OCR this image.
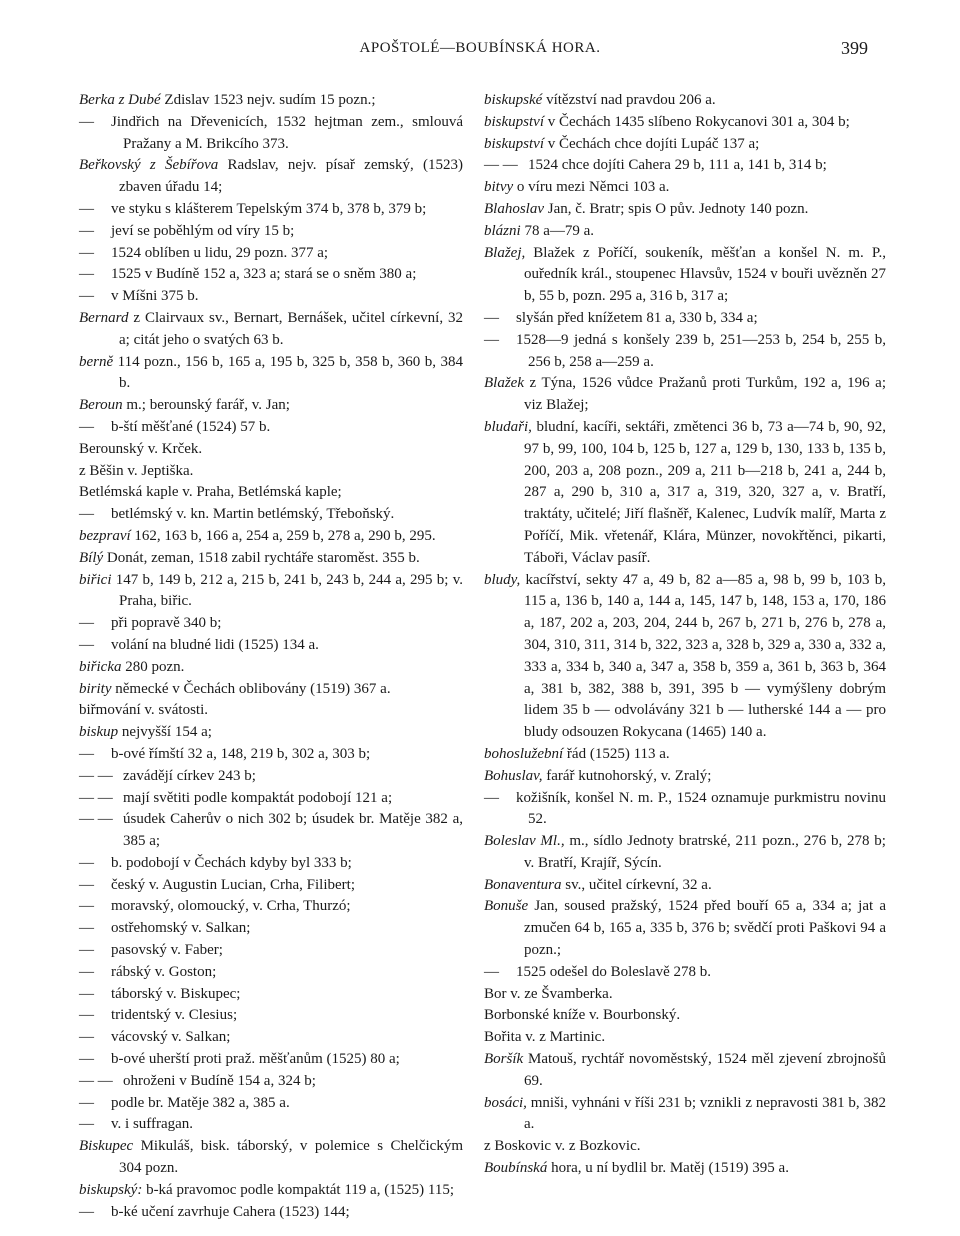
APOŠTOLÉ—BOUBÍNSKÁ HORA.	399
Berka z Dubé Zdislav 1523 nejv. sudím 15 pozn.;
— Jindřich na Dřevenicích, 1532 hejtman zem., smlouvá Pražany a M. Brikcího 373.
Beřkovský z Šebířova Radslav, nejv. písař zemský, (1523) zbaven úřadu 14;
— ve styku s klášterem Tepelským 374 b, 378 b, 379 b;
— jeví se poběhlým od víry 15 b;
— 1524 oblíben u lidu, 29 pozn. 377 a;
— 1525 v Budíně 152 a, 323 a; stará se o sněm 380 a;
— v Míšni 375 b.
Bernard z Clairvaux sv., Bernart, Bernášek, učitel církevní, 32 a; citát jeho o svatých 63 b.
berně 114 pozn., 156 b, 165 a, 195 b, 325 b, 358 b, 360 b, 384 b.
Beroun m.; berounský farář, v. Jan;
— b-ští měšťané (1524) 57 b.
Berounský v. Krček.
z Běšin v. Jeptiška.
Betlémská kaple v. Praha, Betlémská kaple;
— betlémský v. kn. Martin betlémský, Třeboňský.
bezpraví 162, 163 b, 166 a, 254 a, 259 b, 278 a, 290 b, 295.
Bílý Donát, zeman, 1518 zabil rychtáře staroměst. 355 b.
biřici 147 b, 149 b, 212 a, 215 b, 241 b, 243 b, 244 a, 295 b; v. Praha, biřic.
— při popravě 340 b;
— volání na bludné lidi (1525) 134 a.
biřicka 280 pozn.
birity německé v Čechách oblibovány (1519) 367 a.
biřmování v. svátosti.
biskup nejvyšší 154 a;
— b-ové římští 32 a, 148, 219 b, 302 a, 303 b;
— — zavádějí církev 243 b;
— — mají světiti podle kompaktát podobojí 121 a;
— — úsudek Caherův o nich 302 b; úsudek br. Matěje 382 a, 385 a;
— b. podobojí v Čechách kdyby byl 333 b;
— český v. Augustin Lucian, Crha, Filibert;
— moravský, olomoucký, v. Crha, Thurzó;
— ostřehomský v. Salkan;
— pasovský v. Faber;
— rábský v. Goston;
— táborský v. Biskupec;
— tridentský v. Clesius;
— vácovský v. Salkan;
— b-ové uherští proti praž. měšťanům (1525) 80 a;
— — ohroženi v Budíně 154 a, 324 b;
— podle br. Matěje 382 a, 385 a.
— v. i suffragan.
Biskupec Mikuláš, bisk. táborský, v polemice s Chelčickým 304 pozn.
biskupský: b-ká pravomoc podle kompaktát 119 a, (1525) 115;
— b-ké učení zavrhuje Cahera (1523) 144;
biskupské vítězství nad pravdou 206 a.
biskupství v Čechách 1435 slíbeno Rokycanovi 301 a, 304 b;
biskupství v Čechách chce dojíti Lupáč 137 a;
— — 1524 chce dojíti Cahera 29 b, 111 a, 141 b, 314 b;
bitvy o víru mezi Němci 103 a.
Blahoslav Jan, č. Bratr; spis O pův. Jednoty 140 pozn.
blázni 78 a—79 a.
Blažej, Blažek z Poříčí, soukeník, měšťan a konšel N. m. P., ouředník král., stoupenec Hlavsův, 1524 v bouři uvězněn 27 b, 55 b, pozn. 295 a, 316 b, 317 a;
— slyšán před knížetem 81 a, 330 b, 334 a;
— 1528—9 jedná s konšely 239 b, 251—253 b, 254 b, 255 b, 256 b, 258 a—259 a.
Blažek z Týna, 1526 vůdce Pražanů proti Turkům, 192 a, 196 a; viz Blažej;
bludaři, bludní, kacíři, sektáři, změtenci 36 b, 73 a—74 b, 90, 92, 97 b, 99, 100, 104 b, 125 b, 127 a, 129 b, 130, 133 b, 135 b, 200, 203 a, 208 pozn., 209 a, 211 b—218 b, 241 a, 244 b, 287 a, 290 b, 310 a, 317 a, 319, 320, 327 a, v. Bratří, traktáty, učitelé; Jiří flašněř, Kalenec, Ludvík malíř, Marta z Poříčí, Mik. vřetenář, Klára, Münzer, novokřtěnci, pikarti, Táboři, Václav pasíř.
bludy, kacířství, sekty 47 a, 49 b, 82 a—85 a, 98 b, 99 b, 103 b, 115 a, 136 b, 140 a, 144 a, 145, 147 b, 148, 153 a, 170, 186 a, 187, 202 a, 203, 204, 244 b, 267 b, 271 b, 276 b, 278 a, 304, 310, 311, 314 b, 322, 323 a, 328 b, 329 a, 330 a, 332 a, 333 a, 334 b, 340 a, 347 a, 358 b, 359 a, 361 b, 363 b, 364 a, 381 b, 382, 388 b, 391, 395 b — vymýšleny dobrým lidem 35 b — odvolávány 321 b — lutherské 144 a — pro bludy odsouzen Rokycana (1465) 140 a.
bohoslužební řád (1525) 113 a.
Bohuslav, farář kutnohorský, v. Zralý;
— kožišník, konšel N. m. P., 1524 oznamuje purkmistru novinu 52.
Boleslav Ml., m., sídlo Jednoty bratrské, 211 pozn., 276 b, 278 b; v. Bratří, Krajíř, Sýcín.
Bonaventura sv., učitel církevní, 32 a.
Bonuše Jan, soused pražský, 1524 před bouří 65 a, 334 a; jat a zmučen 64 b, 165 a, 335 b, 376 b; svědčí proti Paškovi 94 a pozn.;
— 1525 odešel do Boleslavě 278 b.
Bor v. ze Švamberka.
Borbonské kníže v. Bourbonský.
Bořita v. z Martinic.
Boršík Matouš, rychtář novoměstský, 1524 měl zjevení zbrojnošů 69.
bosáci, mniši, vyhnáni v říši 231 b; vznikli z nepravosti 381 b, 382 a.
z Boskovic v. z Bozkovic.
Boubínská hora, u ní bydlil br. Matěj (1519) 395 a.
